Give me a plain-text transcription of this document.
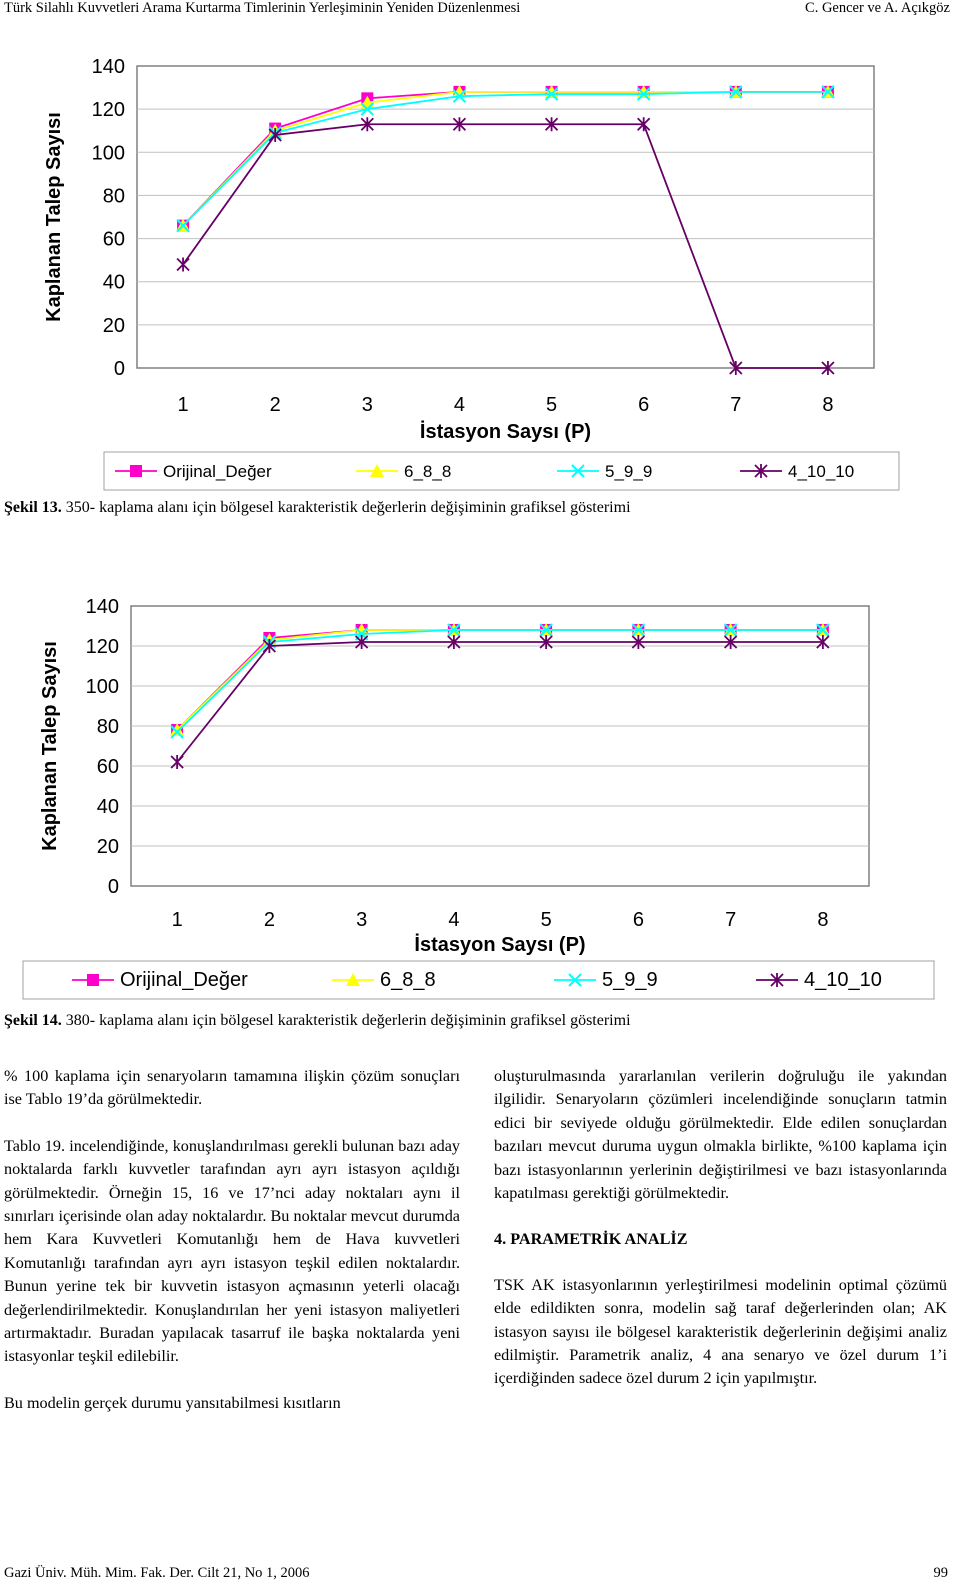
Türk Silahlı Kuvvetleri Arama Kurtarma Timlerinin Yerleşiminin Yeniden Düzenlenmesi	C. Gencer ve A. Açıkgöz
0
20
40
60
80
100
120
140
1	2	3	4	5	6	7	8
İstasyon Saysı (P)
Kaplanan Talep Sayısı
Orijinal_Değer	6_8_8	5_9_9	4_10_10
Şekil 13. 350- kaplama alanı için bölgesel karakteristik değerlerin değişiminin grafiksel gösterimi
0
20
40
60
80
100
120
140
1	2	3	4	5	6	7	8
İstasyon Saysı (P)
Kaplanan Talep Sayısı
Orijinal_Değer	6_8_8	5_9_9	4_10_10
Şekil 14. 380- kaplama alanı için bölgesel karakteristik değerlerin değişiminin grafiksel gösterimi

% 100 kaplama için senaryoların tamamına ilişkin çözüm sonuçları ise Tablo 19’da görülmektedir.

Tablo 19. incelendiğinde, konuşlandırılması gerekli bulunan bazı aday noktalarda farklı kuvvetler tarafından ayrı ayrı istasyon açıldığı görülmektedir. Örneğin 15, 16 ve 17’nci aday noktaları aynı il sınırları içerisinde olan aday noktalardır. Bu noktalar mevcut durumda hem Kara Kuvvetleri Komutanlığı hem de Hava kuvvetleri Komutanlığı tarafından ayrı ayrı istasyon teşkil edilen noktalardır. Bunun yerine tek bir kuvvetin istasyon açmasının yeterli olacağı değerlendirilmektedir. Konuşlandırılan her yeni istasyon maliyetleri artırmaktadır. Buradan yapılacak tasarruf ile başka noktalarda yeni istasyonlar teşkil edilebilir.

Bu modelin gerçek durumu yansıtabilmesi kısıtların

oluşturulmasında yararlanılan verilerin doğruluğu ile yakından ilgilidir. Senaryoların çözümleri incelendiğinde sonuçların tatmin edici bir seviyede olduğu görülmektedir. Elde edilen sonuçlardan bazıları mevcut duruma uygun olmakla birlikte, %100 kaplama için bazı istasyonlarının yerlerinin değiştirilmesi ve bazı istasyonlarında kapatılması gerektiği görülmektedir.

4. PARAMETRİK ANALİZ

TSK AK istasyonlarının yerleştirilmesi modelinin optimal çözümü elde edildikten sonra, modelin sağ taraf değerlerinden olan; AK istasyon sayısı ile bölgesel karakteristik değerlerinin değişimi analiz edilmiştir. Parametrik analiz, 4 ana senaryo ve özel durum 1’i içerdiğinden sadece özel durum 2 için yapılmıştır.

Gazi Üniv. Müh. Mim. Fak. Der. Cilt 21, No 1, 2006	99
